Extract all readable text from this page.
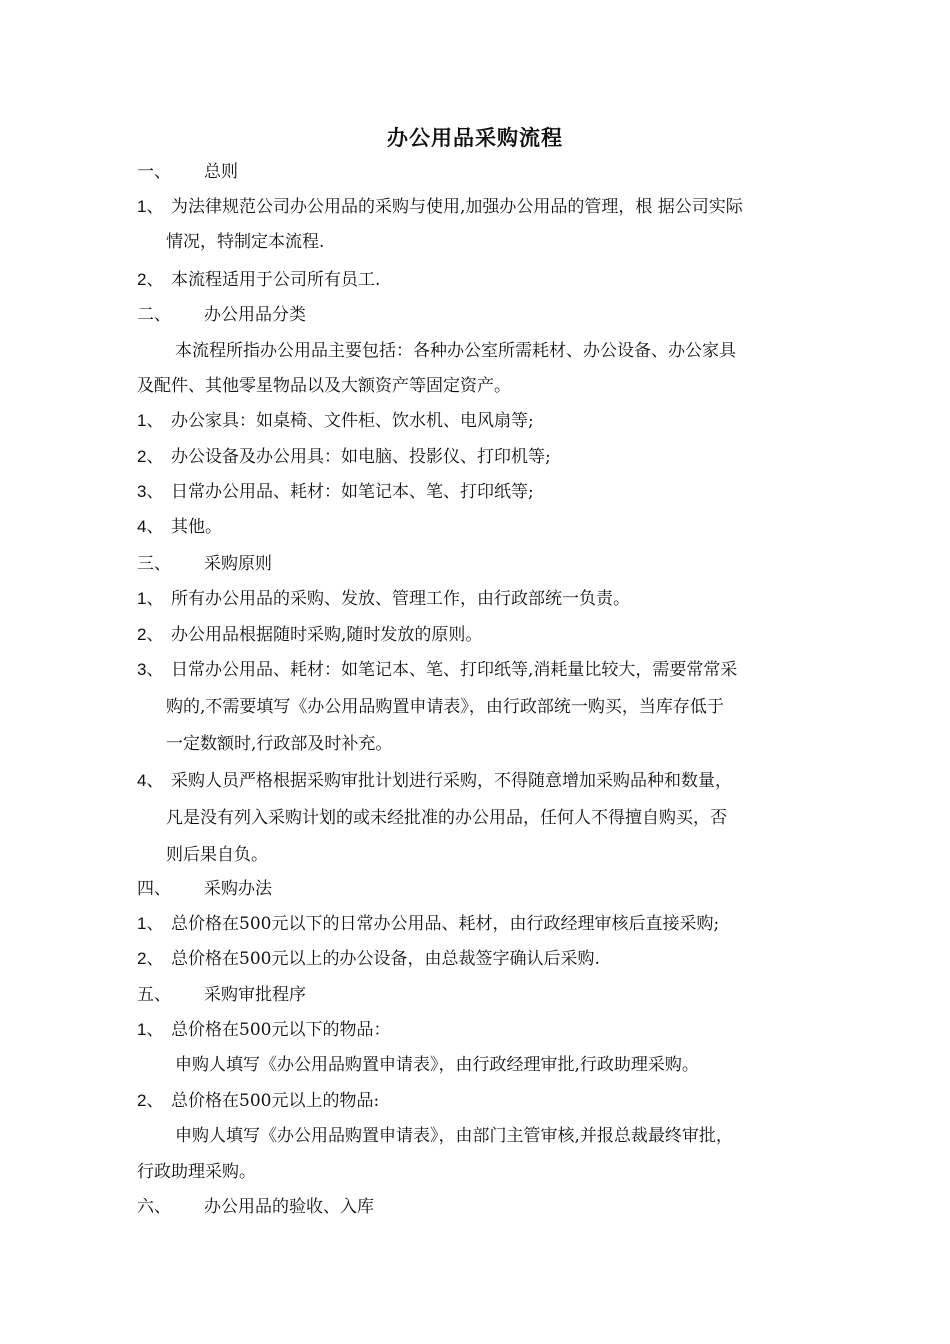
办公用品采购流程
一、 总则
1、 为法律规范公司办公用品的采购与使用,加强办公用品的管理，根 据公司实际
情况，特制定本流程.
2、 本流程适用于公司所有员工.
二、 办公用品分类
本流程所指办公用品主要包括：各种办公室所需耗材、办公设备、办公家具
及配件、其他零星物品以及大额资产等固定资产。
1、 办公家具：如桌椅、文件柜、饮水机、电风扇等;
2、 办公设备及办公用具：如电脑、投影仪、打印机等;
3、 日常办公用品、耗材：如笔记本、笔、打印纸等;
4、 其他。
三、 采购原则
1、 所有办公用品的采购、发放、管理工作，由行政部统一负责。
2、 办公用品根据随时采购,随时发放的原则。
3、 日常办公用品、耗材：如笔记本、笔、打印纸等,消耗量比较大，需要常常采
购的,不需要填写《办公用品购置申请表》，由行政部统一购买，当库存低于
一定数额时,行政部及时补充。
4、 采购人员严格根据采购审批计划进行采购，不得随意增加采购品种和数量，
凡是没有列入采购计划的或未经批准的办公用品，任何人不得擅自购买，否
则后果自负。
四、 采购办法
1、 总价格在500元以下的日常办公用品、耗材，由行政经理审核后直接采购;
2、 总价格在500元以上的办公设备，由总裁签字确认后采购.
五、 采购审批程序
1、 总价格在500元以下的物品：
申购人填写《办公用品购置申请表》，由行政经理审批,行政助理采购。
2、 总价格在500元以上的物品:
申购人填写《办公用品购置申请表》，由部门主管审核,并报总裁最终审批，
行政助理采购。
六、 办公用品的验收、入库
